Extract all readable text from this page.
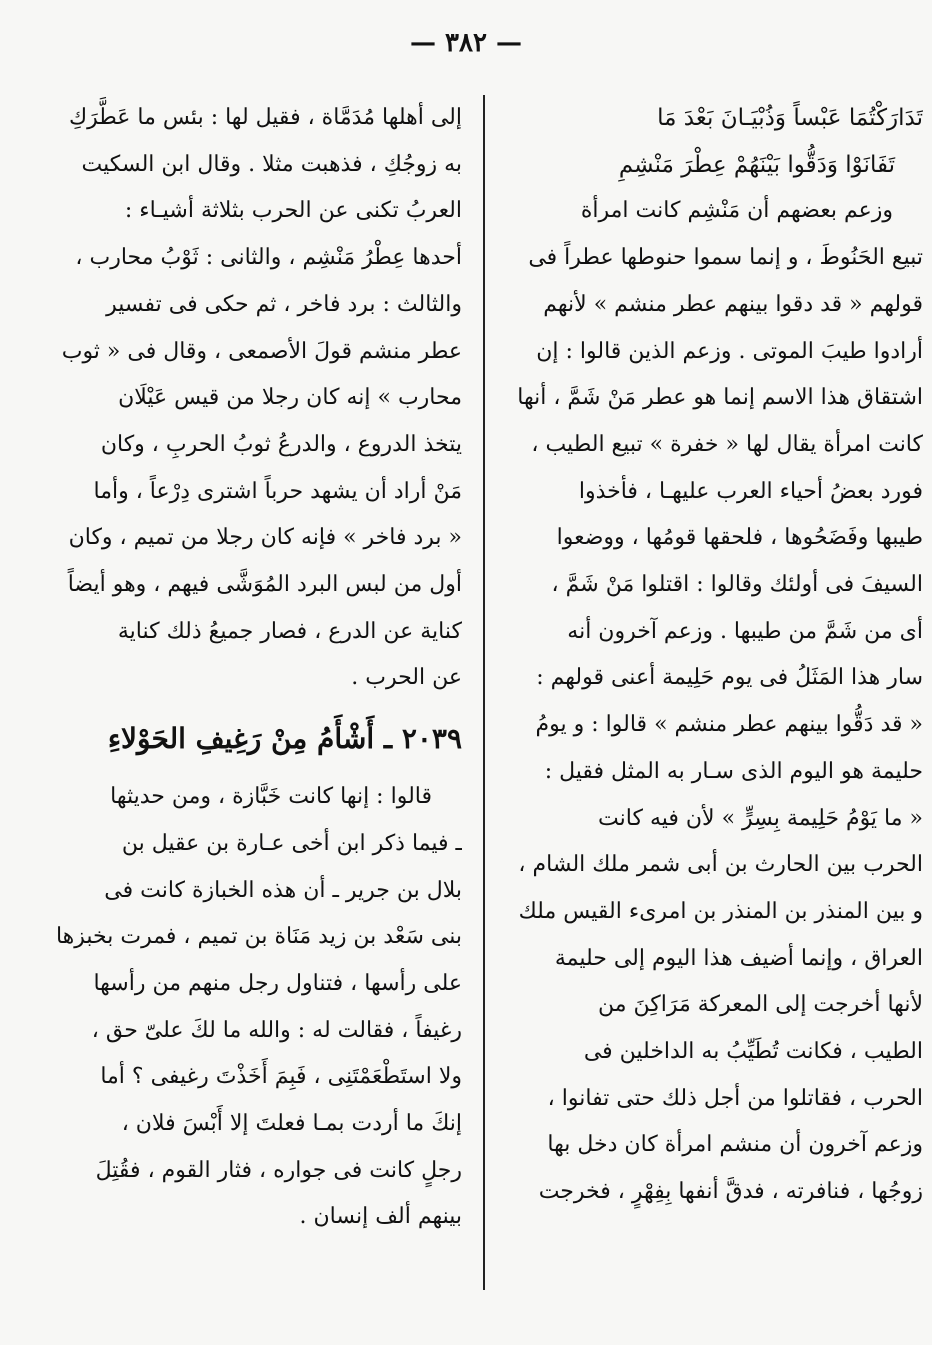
— ٣٨٢ —
تَدَارَكْتُمَا عَبْساً وَذُبْيَـانَ بَعْدَ مَا
تَفَانَوْا وَدَقُّوا بَيْنَهُمْ عِطْرَ مَنْشِمِ
وزعم بعضهم أن مَنْشِم كانت امرأة
تبيع الحَنُوطَ ، و إنما سموا حنوطها عطراً فى
قولهم « قد دقوا بينهم عطر منشم » لأنهم
أرادوا طيبَ الموتى . وزعم الذين قالوا : إن
اشتقاق هذا الاسم إنما هو عطر مَنْ شَمَّ ، أنها
كانت امرأة يقال لها « خفرة » تبيع الطيب ،
فورد بعضُ أحياء العرب عليهـا ، فأخذوا
طيبها وفَضَحُوها ، فلحقها قومُها ، ووضعوا
السيفَ فى أولئك وقالوا : اقتلوا مَنْ شَمَّ ،
أى من شَمَّ من طيبها . وزعم آخرون أنه
سار هذا المَثَلُ فى يوم حَلِيمة أعنى قولهم :
« قد دَقُّوا بينهم عطر منشم » قالوا : و يومُ
حليمة هو اليوم الذى سـار به المثل فقيل :
« ما يَوْمُ حَلِيمة بِسِرٍّ » لأن فيه كانت
الحرب بين الحارث بن أبى شمر ملك الشام ،
و بين المنذر بن المنذر بن امرىء القيس ملك
العراق ، وإنما أضيف هذا اليوم إلى حليمة
لأنها أخرجت إلى المعركة مَرَاكِنَ من
الطيب ، فكانت تُطَيِّبُ به الداخلين فى
الحرب ، فقاتلوا من أجل ذلك حتى تفانوا ،
وزعم آخرون أن منشم امرأة كان دخل بها
زوجُها ، فنافرته ، فدقَّ أنفها بِفِهْرٍ ، فخرجت
إلى أهلها مُدَمَّاة ، فقيل لها : بئس ما عَطَّرَكِ
به زوجُكِ ، فذهبت مثلا . وقال ابن السكيت
العربُ تكنى عن الحرب بثلاثة أشيـاء :
أحدها عِطْرُ مَنْشِم ، والثانى : ثَوْبُ محارب ،
والثالث : برد فاخر ، ثم حكى فى تفسير
عطر منشم قولَ الأصمعى ، وقال فى « ثوب
محارب » إنه كان رجلا من قيس عَيْلَان
يتخذ الدروع ، والدرعُ ثوبُ الحربِ ، وكان
مَنْ أراد أن يشهد حرباً اشترى دِرْعاً ، وأما
« برد فاخر » فإنه كان رجلا من تميم ، وكان
أول من لبس البرد المُوَشَّى فيهم ، وهو أيضاً
كناية عن الدرع ، فصار جميعُ ذلك كناية
عن الحرب .
٢٠٣٩ ـ أَشْأَمُ مِنْ رَغِيفِ الحَوْلاءِ
قالوا : إنها كانت خَبَّازة ، ومن حديثها
ـ فيما ذكر ابن أخى عـارة بن عقيل بن
بلال بن جرير ـ أن هذه الخبازة كانت فى
بنى سَعْد بن زيد مَنَاة بن تميم ، فمرت بخبزها
على رأسها ، فتناول رجل منهم من رأسها
رغيفاً ، فقالت له : والله ما لكَ علىّ حق ،
ولا استَطْعَمْتَنِى ، فَبِمَ أَخَذْتَ رغيفى ؟ أما
إنكَ ما أردت بمـا فعلتَ إلا أَبْسَ فلان ،
رجلٍ كانت فى جواره ، فثار القوم ، فقُتِلَ
بينهم ألف إنسان .
